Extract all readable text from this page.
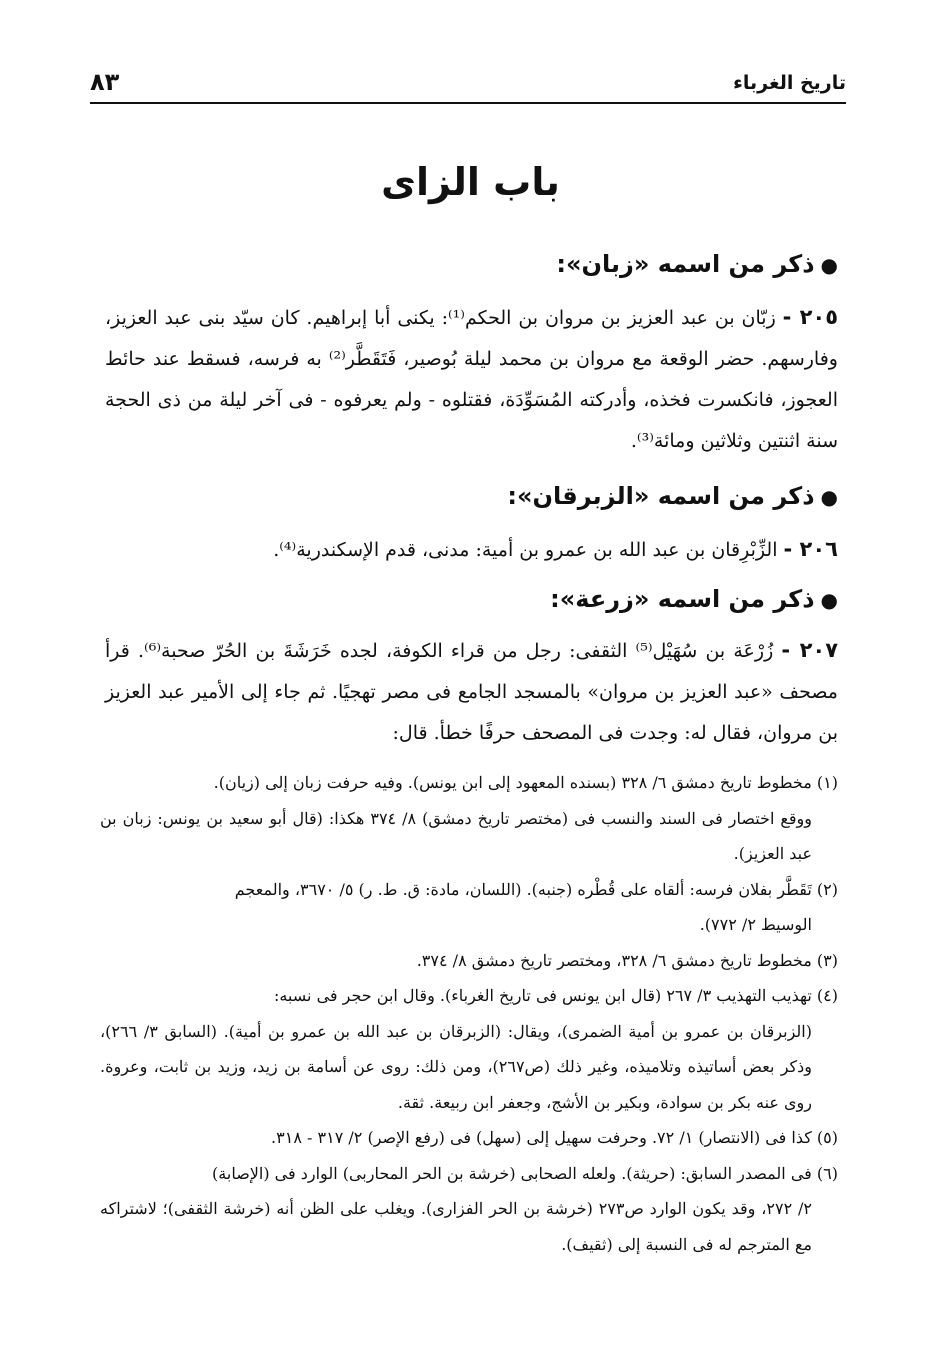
تاريخ الغرباء
٨٣
باب الزاى
●ذكر من اسمه «زبان»:
٢٠٥ - زبّان بن عبد العزيز بن مروان بن الحكم⁽¹⁾: يكنى أبا إبراهيم. كان سيّد بنى عبد العزيز، وفارسهم. حضر الوقعة مع مروان بن محمد ليلة بُوصير، فَتَقَطَّر⁽²⁾ به فرسه، فسقط عند حائط العجوز، فانكسرت فخذه، وأدركته المُسَوِّدَة، فقتلوه - ولم يعرفوه - فى آخر ليلة من ذى الحجة سنة اثنتين وثلاثين ومائة⁽³⁾.
●ذكر من اسمه «الزبرقان»:
٢٠٦ - الزِّبْرِقان بن عبد الله بن عمرو بن أمية: مدنى، قدم الإسكندرية⁽⁴⁾.
●ذكر من اسمه «زرعة»:
٢٠٧ - زُرْعَة بن سُهَيْل⁽⁵⁾ الثقفى: رجل من قراء الكوفة، لجده خَرَشَةَ بن الحُرّ صحبة⁽⁶⁾. قرأ مصحف «عبد العزيز بن مروان» بالمسجد الجامع فى مصر تهجيًا. ثم جاء إلى الأمير عبد العزيز بن مروان، فقال له: وجدت فى المصحف حرفًا خطأ. قال:
(١) مخطوط تاريخ دمشق ٦/ ٣٢٨ (بسنده المعهود إلى ابن يونس). وفيه حرفت زبان إلى (زيان).
ووقع اختصار فى السند والنسب فى (مختصر تاريخ دمشق) ٨/ ٣٧٤ هكذا: (قال أبو سعيد بن يونس: زبان بن عبد العزيز).
(٢) تَقَطَّر بفلان فرسه: ألقاه على قُطْره (جنبه). (اللسان، مادة: ق. ط. ر) ٥/ ٣٦٧٠، والمعجم
الوسيط ٢/ ٧٧٢).
(٣) مخطوط تاريخ دمشق ٦/ ٣٢٨، ومختصر تاريخ دمشق ٨/ ٣٧٤.
(٤) تهذيب التهذيب ٣/ ٢٦٧ (قال ابن يونس فى تاريخ الغرباء). وقال ابن حجر فى نسبه:
(الزبرقان بن عمرو بن أمية الضمرى)، ويقال: (الزبرقان بن عبد الله بن عمرو بن أمية). (السابق ٣/ ٢٦٦)، وذكر بعض أساتيذه وتلاميذه، وغير ذلك (ص٢٦٧)، ومن ذلك: روى عن أسامة بن زيد، وزيد بن ثابت، وعروة. روى عنه بكر بن سوادة، وبكير بن الأشج، وجعفر ابن ربيعة. ثقة.
(٥) كذا فى (الانتصار) ١/ ٧٢. وحرفت سهيل إلى (سهل) فى (رفع الإصر) ٢/ ٣١٧ - ٣١٨.
(٦) فى المصدر السابق: (حريثة). ولعله الصحابى (خرشة بن الحر المحاربى) الوارد فى (الإصابة)
٢/ ٢٧٢، وقد يكون الوارد ص٢٧٣ (خرشة بن الحر الفزارى). ويغلب على الظن أنه (خرشة الثقفى)؛ لاشتراكه مع المترجم له فى النسبة إلى (ثقيف).
